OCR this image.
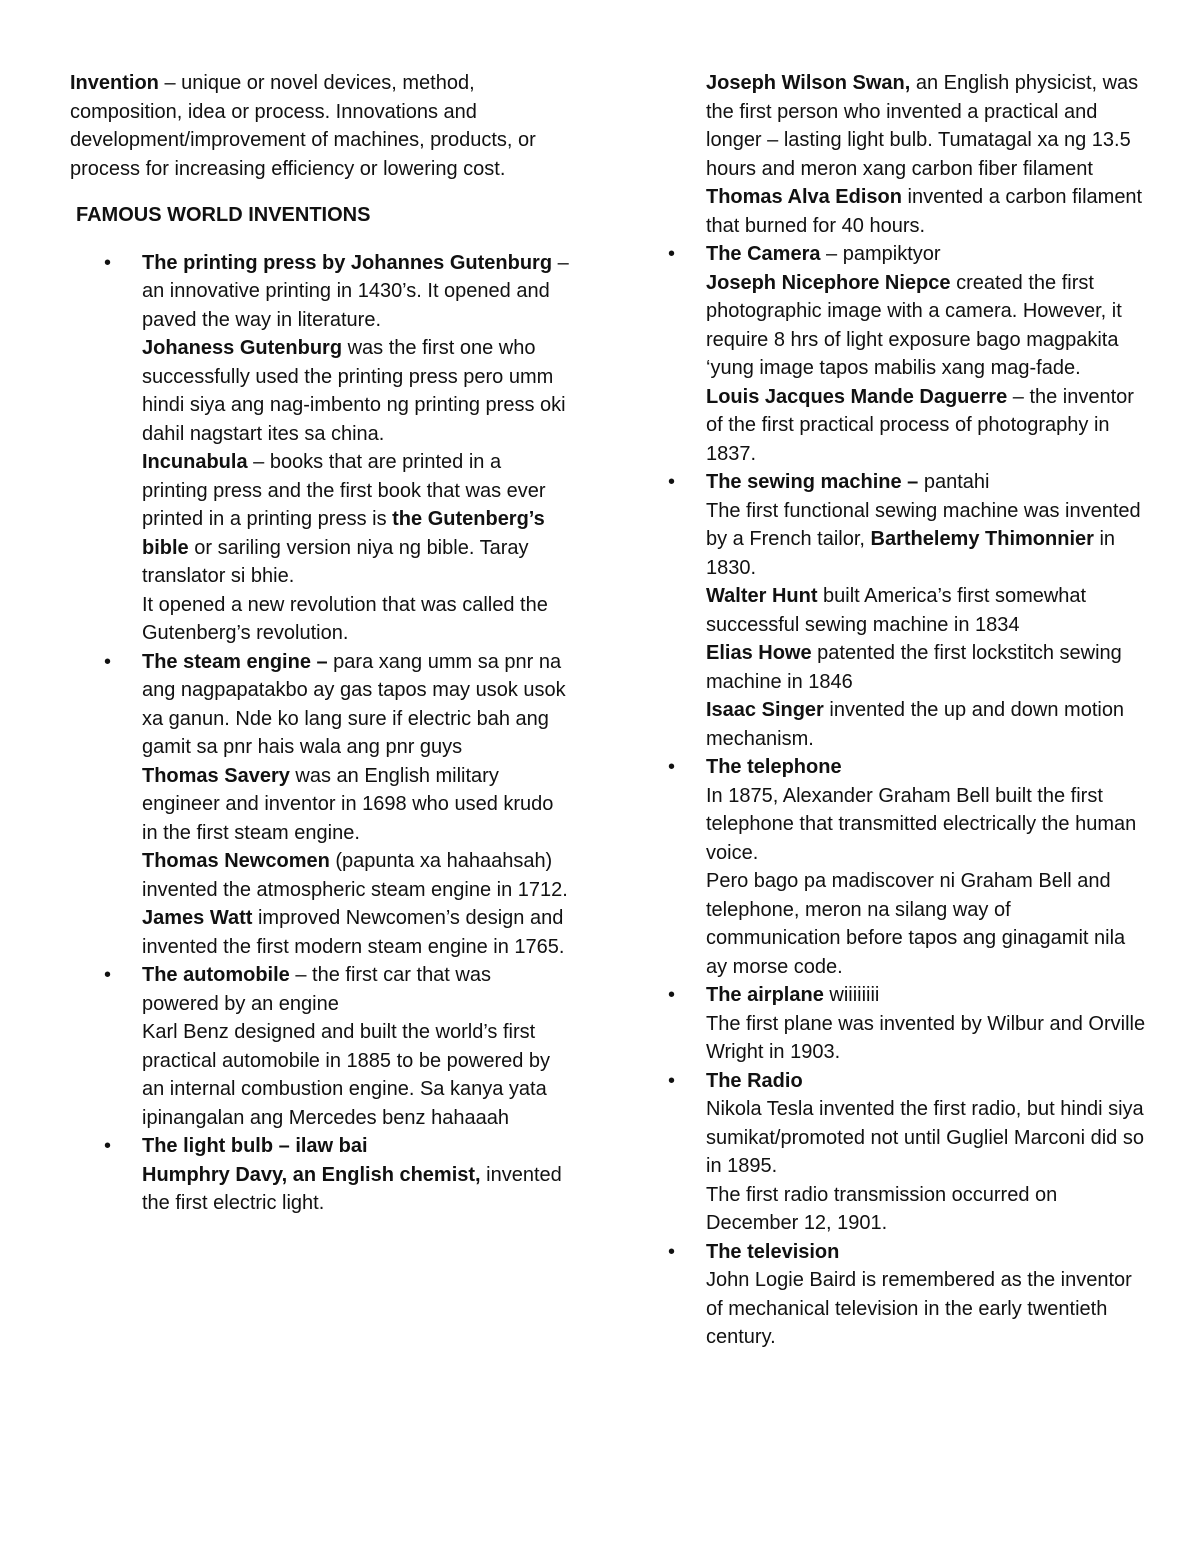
Invention – unique or novel devices, method, composition, idea or process. Innovations and development/improvement of machines, products, or process for increasing efficiency or lowering cost.

FAMOUS WORLD INVENTIONS
• The printing press by Johannes Gutenburg – an innovative printing in 1430’s. It opened and paved the way in literature.

Johaness Gutenburg was the first one who successfully used the printing press pero umm hindi siya ang nag-imbento ng printing press oki dahil nagstart ites sa china.

Incunabula – books that are printed in a printing press and the first book that was ever printed in a printing press is the Gutenberg’s bible or sariling version niya ng bible. Taray translator si bhie.

It opened a new revolution that was called the Gutenberg’s revolution.

• The steam engine – para xang umm sa pnr na ang nagpapatakbo ay gas tapos may usok usok xa ganun. Nde ko lang sure if electric bah ang gamit sa pnr hais wala ang pnr guys

Thomas Savery was an English military engineer and inventor in 1698 who used krudo in the first steam engine.

Thomas Newcomen (papunta xa hahaahsah) invented the atmospheric steam engine in 1712.

James Watt improved Newcomen’s design and invented the first modern steam engine in 1765.

• The automobile – the first car that was powered by an engine

Karl Benz designed and built the world’s first practical automobile in 1885 to be powered by an internal combustion engine. Sa kanya yata ipinangalan ang Mercedes benz hahaaah

• The light bulb – ilaw bai

Humphry Davy, an English chemist, invented the first electric light.

Joseph Wilson Swan, an English physicist, was the first person who invented a practical and longer – lasting light bulb. Tumatagal xa ng 13.5 hours and meron xang carbon fiber filament

Thomas Alva Edison invented a carbon filament that burned for 40 hours.

• The Camera – pampiktyor

Joseph Nicephore Niepce created the first photographic image with a camera. However, it require 8 hrs of light exposure bago magpakita ‘yung image tapos mabilis xang mag-fade.

Louis Jacques Mande Daguerre – the inventor of the first practical process of photography in 1837.

• The sewing machine – pantahi

The first functional sewing machine was invented by a French tailor, Barthelemy Thimonnier in 1830.

Walter Hunt built America’s first somewhat successful sewing machine in 1834

Elias Howe patented the first lockstitch sewing machine in 1846

Isaac Singer invented the up and down motion mechanism.

• The telephone

In 1875, Alexander Graham Bell built the first telephone that transmitted electrically the human voice.

Pero bago pa madiscover ni Graham Bell and telephone, meron na silang way of communication before tapos ang ginagamit nila ay morse code.

• The airplane wiiiiiiii

The first plane was invented by Wilbur and Orville Wright in 1903.

• The Radio

Nikola Tesla invented the first radio, but hindi siya sumikat/promoted not until Gugliel Marconi did so in 1895.

The first radio transmission occurred on December 12, 1901.

• The television

John Logie Baird is remembered as the inventor of mechanical television in the early twentieth century.
